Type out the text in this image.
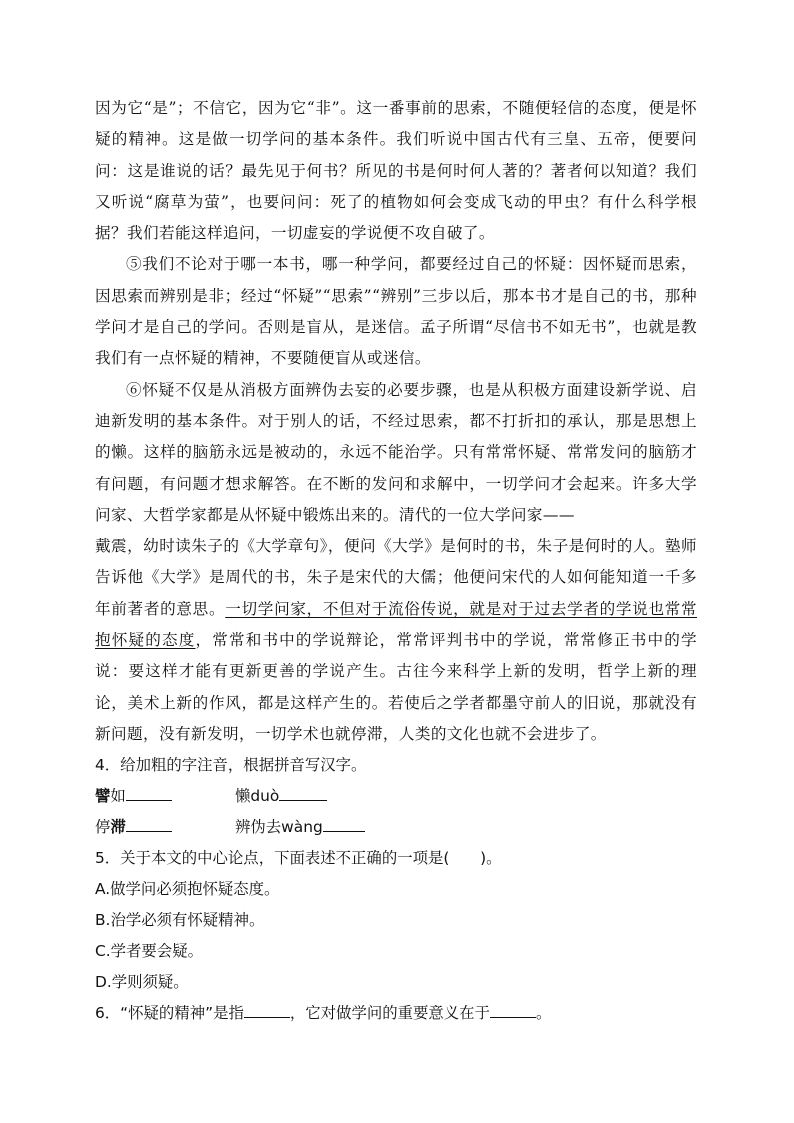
因为它“是”；不信它，因为它“非”。这一番事前的思索，不随便轻信的态度，便是怀疑的精神。这是做一切学问的基本条件。我们听说中国古代有三皇、五帝，便要问问：这是谁说的话？最先见于何书？所见的书是何时何人著的？著者何以知道？我们又听说“腐草为萤”，也要问问：死了的植物如何会变成飞动的甲虫？有什么科学根据？我们若能这样追问，一切虚妄的学说便不攻自破了。

⑤我们不论对于哪一本书，哪一种学问，都要经过自己的怀疑：因怀疑而思索，因思索而辨别是非；经过“怀疑”“思索”“辨别”三步以后，那本书才是自己的书，那种学问才是自己的学问。否则是盲从，是迷信。孟子所谓“尽信书不如无书”，也就是教我们有一点怀疑的精神，不要随便盲从或迷信。

⑥怀疑不仅是从消极方面辨伪去妄的必要步骤，也是从积极方面建设新学说、启迪新发明的基本条件。对于别人的话，不经过思索，都不打折扣的承认，那是思想上的懒。这样的脑筋永远是被动的，永远不能治学。只有常常怀疑、常常发问的脑筋才有问题，有问题才想求解答。在不断的发问和求解中，一切学问才会起来。许多大学问家、大哲学家都是从怀疑中锻炼出来的。清代的一位大学问家——

戴震，幼时读朱子的《大学章句》，便问《大学》是何时的书，朱子是何时的人。塾师告诉他《大学》是周代的书，朱子是宋代的大儒；他便问宋代的人如何能知道一千多年前著者的意思。一切学问家，不但对于流俗传说，就是对于过去学者的学说也常常抱怀疑的态度，常常和书中的学说辩论，常常评判书中的学说，常常修正书中的学说：要这样才能有更新更善的学说产生。古往今来科学上新的发明，哲学上新的理论，美术上新的作风，都是这样产生的。若使后之学者都墨守前人的旧说，那就没有新问题，没有新发明，一切学术也就停滞，人类的文化也就不会进步了。

4．给加粗的字注音，根据拼音写汉字。

譬如	懒duò
停滞	辨伪去wàng

5．关于本文的中心论点，下面表述不正确的一项是(　　)。

A.做学问必须抱怀疑态度。

B.治学必须有怀疑精神。

C.学者要会疑。

D.学则须疑。

6．“怀疑的精神”是指	，它对做学问的重要意义在于	。
